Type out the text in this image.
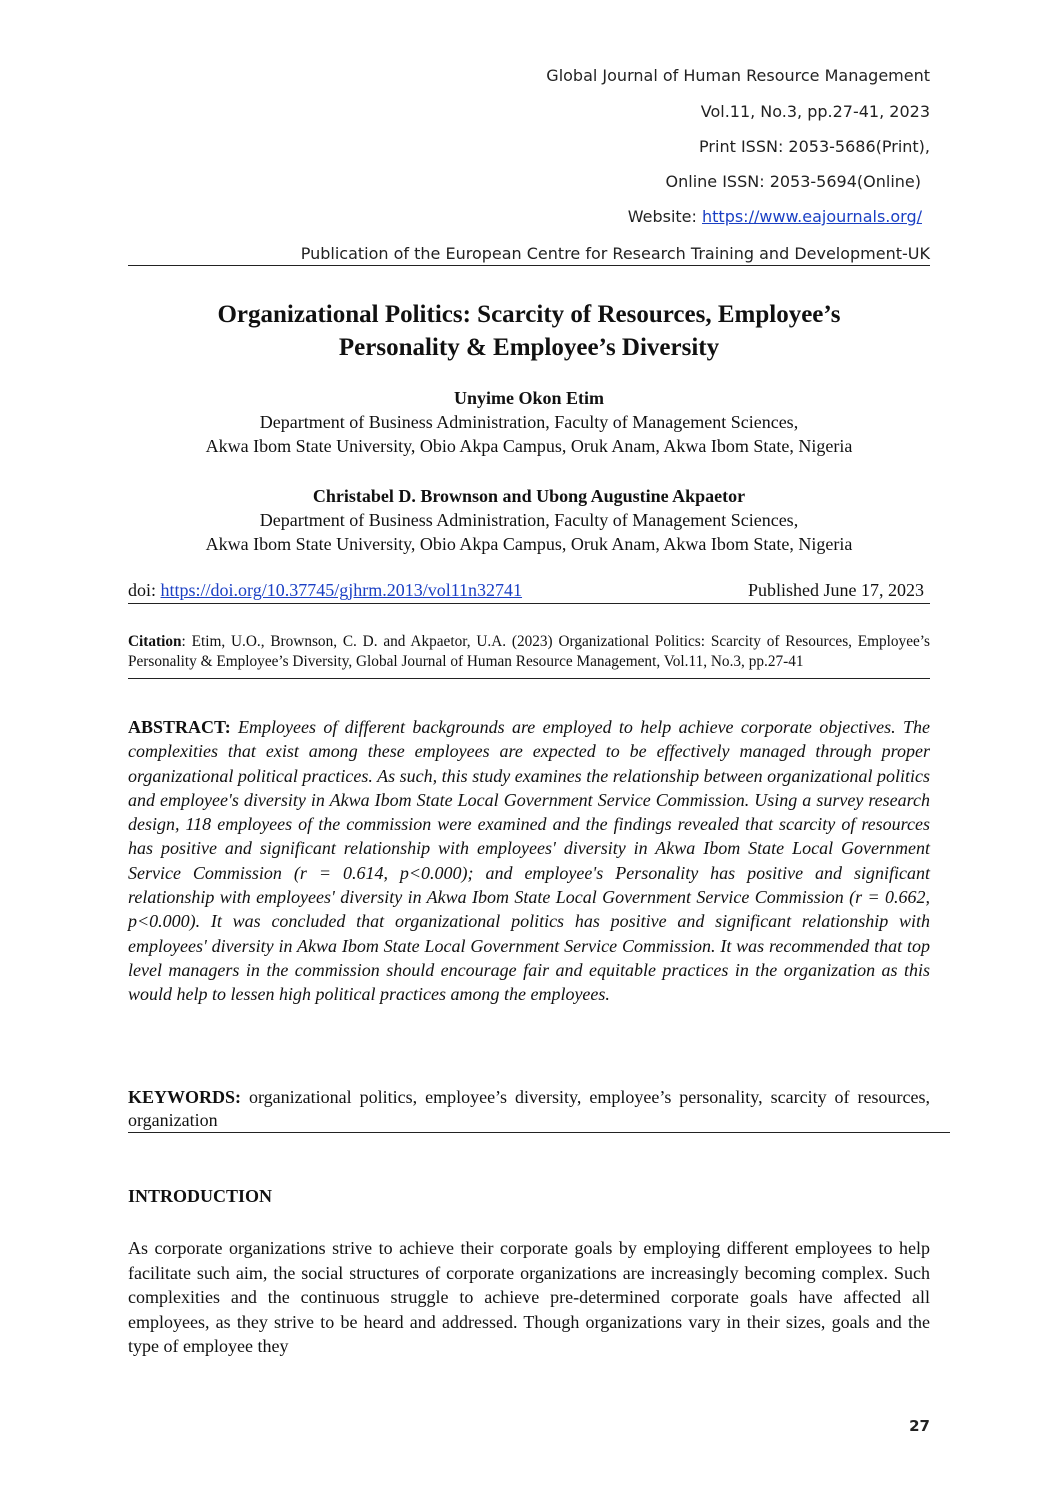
Global Journal of Human Resource Management
Vol.11, No.3, pp.27-41, 2023
Print ISSN: 2053-5686(Print),
Online ISSN: 2053-5694(Online)
Website: https://www.eajournals.org/
Publication of the European Centre for Research Training and Development-UK
Organizational Politics: Scarcity of Resources, Employee’s
Personality & Employee’s Diversity
Unyime Okon Etim
Department of Business Administration, Faculty of Management Sciences,
Akwa Ibom State University, Obio Akpa Campus, Oruk Anam, Akwa Ibom State, Nigeria
Christabel D. Brownson and Ubong Augustine Akpaetor
Department of Business Administration, Faculty of Management Sciences,
Akwa Ibom State University, Obio Akpa Campus, Oruk Anam, Akwa Ibom State, Nigeria
doi: https://doi.org/10.37745/gjhrm.2013/vol11n32741	Published June 17, 2023
Citation: Etim, U.O., Brownson, C. D. and Akpaetor, U.A. (2023) Organizational Politics: Scarcity of Resources, Employee’s Personality & Employee’s Diversity, Global Journal of Human Resource Management, Vol.11, No.3, pp.27-41
ABSTRACT: Employees of different backgrounds are employed to help achieve corporate objectives. The complexities that exist among these employees are expected to be effectively managed through proper organizational political practices. As such, this study examines the relationship between organizational politics and employee's diversity in Akwa Ibom State Local Government Service Commission. Using a survey research design, 118 employees of the commission were examined and the findings revealed that scarcity of resources has positive and significant relationship with employees' diversity in Akwa Ibom State Local Government Service Commission (r = 0.614, p<0.000); and employee's Personality has positive and significant relationship with employees' diversity in Akwa Ibom State Local Government Service Commission (r = 0.662, p<0.000). It was concluded that organizational politics has positive and significant relationship with employees' diversity in Akwa Ibom State Local Government Service Commission. It was recommended that top level managers in the commission should encourage fair and equitable practices in the organization as this would help to lessen high political practices among the employees.
KEYWORDS: organizational politics, employee’s diversity, employee’s personality, scarcity of resources, organization
INTRODUCTION
As corporate organizations strive to achieve their corporate goals by employing different employees to help facilitate such aim, the social structures of corporate organizations are increasingly becoming complex. Such complexities and the continuous struggle to achieve pre-determined corporate goals have affected all employees, as they strive to be heard and addressed. Though organizations vary in their sizes, goals and the type of employee they
27
